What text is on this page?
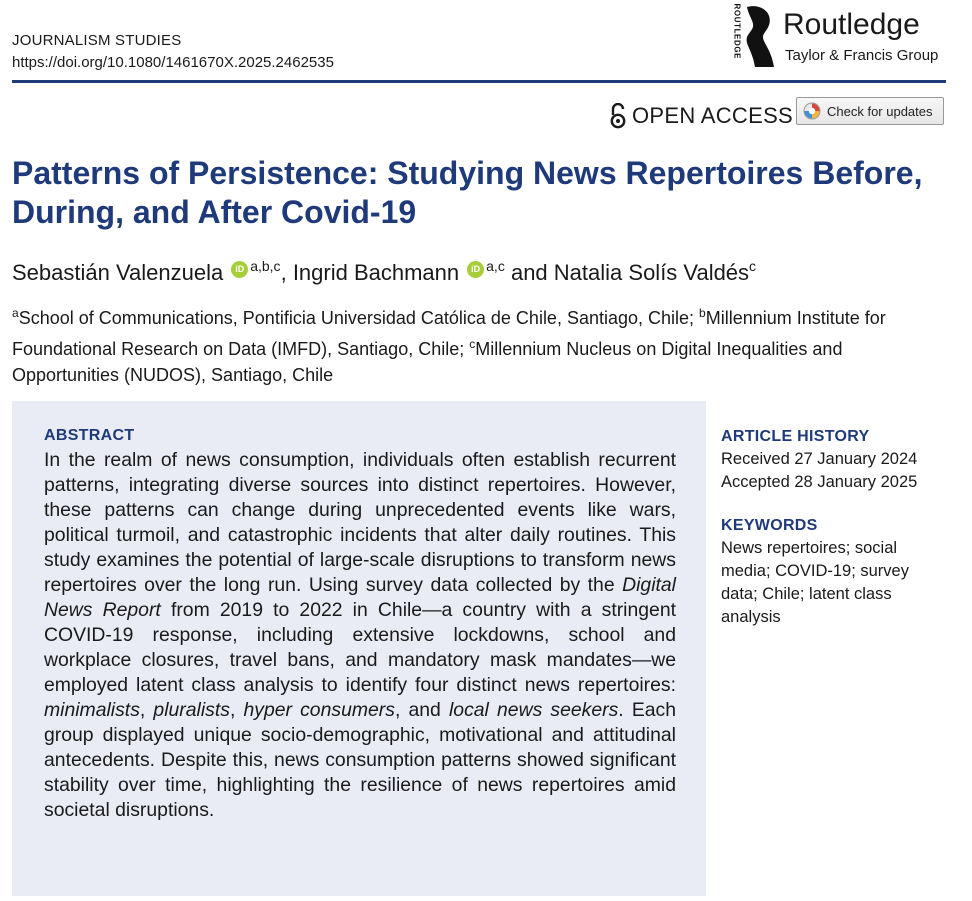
JOURNALISM STUDIES
https://doi.org/10.1080/1461670X.2025.2462535
ROUTLEDGE Routledge
Taylor & Francis Group
OPEN ACCESS	Check for updates
Patterns of Persistence: Studying News Repertoires Before, During, and After Covid-19
Sebastián Valenzuela	iD $^{a,b,c}$, Ingrid Bachmann	iD $^{a,c}$ and Natalia Solís Valdés$^c$

$^a$School of Communications, Pontificia Universidad Católica de Chile, Santiago, Chile; $^b$Millennium Institute for Foundational Research on Data (IMFD), Santiago, Chile; $^c$Millennium Nucleus on Digital Inequalities and Opportunities (NUDOS), Santiago, Chile

ABSTRACT

In the realm of news consumption, individuals often establish recurrent patterns, integrating diverse sources into distinct repertoires. However, these patterns can change during unprecedented events like wars, political turmoil, and catastrophic incidents that alter daily routines. This study examines the potential of large-scale disruptions to transform news repertoires over the long run. Using survey data collected by the Digital News Report from 2019 to 2022 in Chile—a country with a stringent COVID-19 response, including extensive lockdowns, school and workplace closures, travel bans, and mandatory mask mandates—we employed latent class analysis to identify four distinct news repertoires: minimalists, pluralists, hyper consumers, and local news seekers. Each group displayed unique socio-demographic, motivational and attitudinal antecedents. Despite this, news consumption patterns showed significant stability over time, highlighting the resilience of news repertoires amid societal disruptions.

ARTICLE HISTORY
Received 27 January 2024
Accepted 28 January 2025
KEYWORDS
News repertoires; social media; COVID-19; survey data; Chile; latent class analysis
